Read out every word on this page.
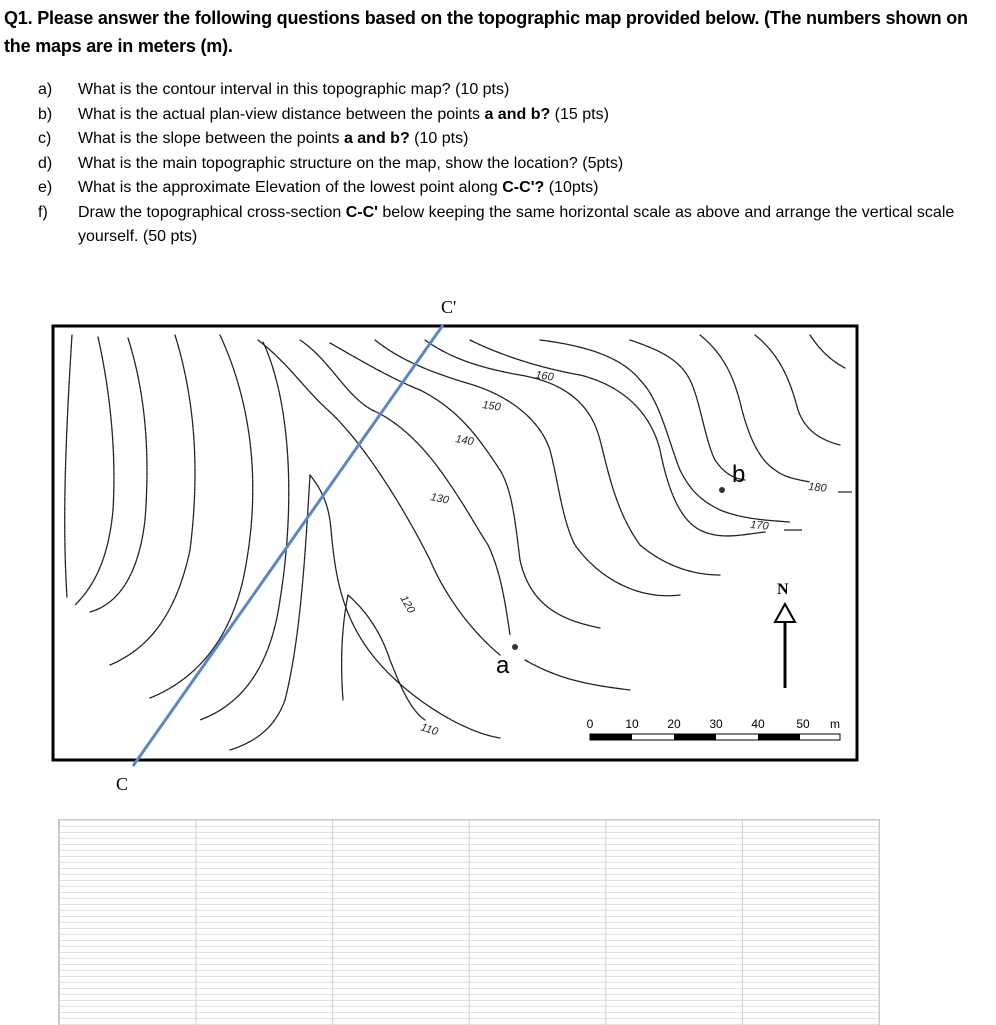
Q1. Please answer the following questions based on the topographic map provided below. (The numbers shown on the maps are in meters (m).
a)	What is the contour interval in this topographic map? (10 pts)
b)	What is the actual plan-view distance between the points a and b? (15 pts)
c)	What is the slope between the points a and b? (10 pts)
d)	What is the main topographic structure on the map, show the location? (5pts)
e)	What is the approximate Elevation of the lowest point along C-C'? (10pts)
f)	Draw the topographical cross-section C-C' below keeping the same horizontal scale as above and arrange the vertical scale yourself. (50 pts)
110
120
130
140
150
160
170
180
a
b
N
0	10 20 30 40	50 m
C'
C
